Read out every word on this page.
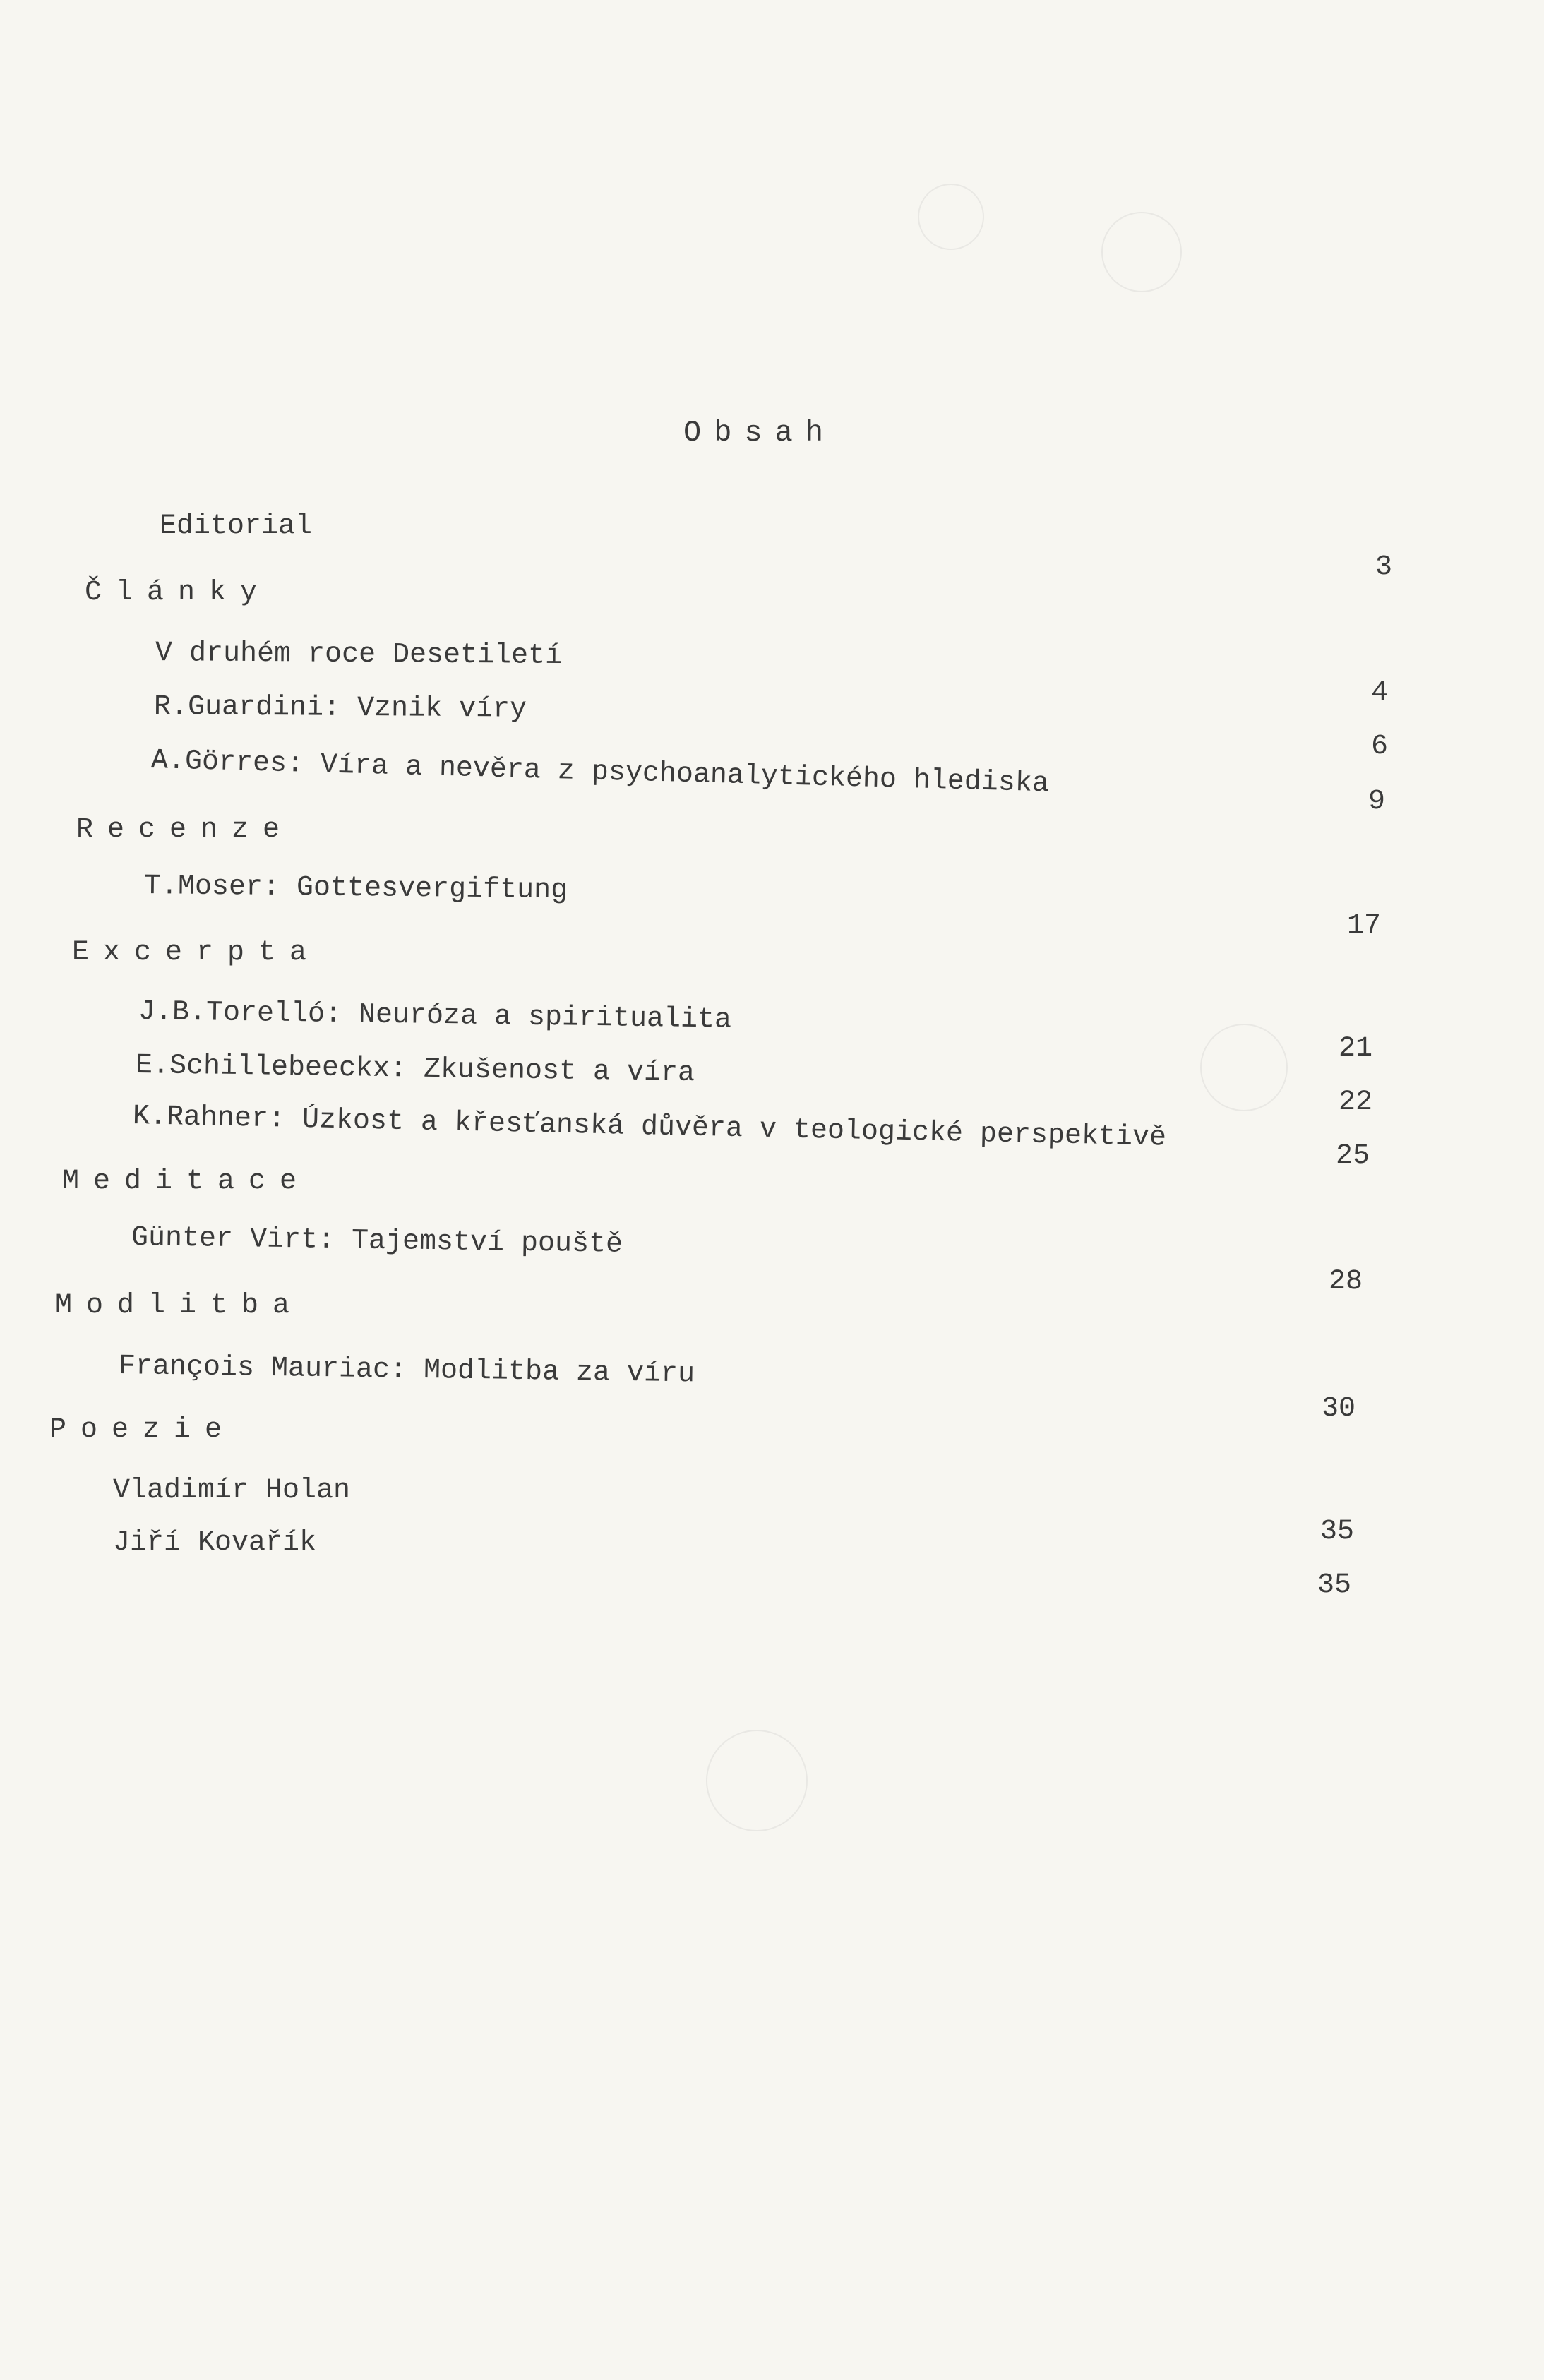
Obsah
Editorial
3
Články
V druhém roce Desetiletí
4
R.Guardini: Vznik víry
6
A.Görres: Víra a nevěra z psychoanalytického hlediska
9
Recenze
T.Moser: Gottesvergiftung
17
Excerpta
J.B.Torelló: Neuróza a spiritualita
21
E.Schillebeeckx: Zkušenost a víra
22
K.Rahner: Úzkost a křesťanská důvěra v teologické perspektivě
25
Meditace
Günter Virt: Tajemství pouště
28
Modlitba
François Mauriac: Modlitba za víru
30
Poezie
Vladimír Holan
35
Jiří Kovařík
35
